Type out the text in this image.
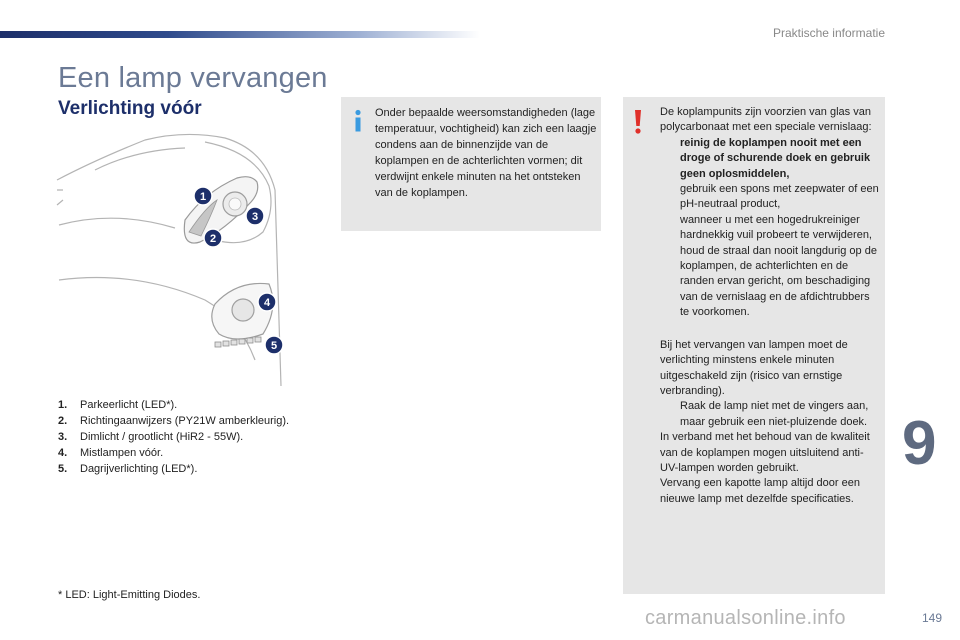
Praktische informatie
Een lamp vervangen
Verlichting vóór
1
2
3
4
5
1.	Parkeerlicht (LED*).
2.	Richtingaanwijzers (PY21W amberkleurig).
3.	Dimlicht / grootlicht (HiR2 - 55W).
4.	Mistlampen vóór.
5.	Dagrijverlichting (LED*).
* LED: Light-Emitting Diodes.
Onder bepaalde weersomstandigheden (lage temperatuur, vochtigheid) kan zich een laagje condens aan de binnenzijde van de koplampen en de achterlichten vormen; dit verdwijnt enkele minuten na het ontsteken van de koplampen.

De koplampunits zijn voorzien van glas van polycarbonaat met een speciale vernislaag:

reinig de koplampen nooit met een droge of schurende doek en gebruik geen oplosmiddelen,
gebruik een spons met zeepwater of een pH-neutraal product,
wanneer u met een hogedrukreiniger hardnekkig vuil probeert te verwijderen, houd de straal dan nooit langdurig op de koplampen, de achterlichten en de randen ervan gericht, om beschadiging van de vernislaag en de afdichtrubbers te voorkomen.

Bij het vervangen van lampen moet de verlichting minstens enkele minuten uitgeschakeld zijn (risico van ernstige verbranding).

Raak de lamp niet met de vingers aan, maar gebruik een niet-pluizende doek.

In verband met het behoud van de kwaliteit van de koplampen mogen uitsluitend anti-UV-lampen worden gebruikt.

Vervang een kapotte lamp altijd door een nieuwe lamp met dezelfde specificaties.

9
carmanualsonline.info	149
